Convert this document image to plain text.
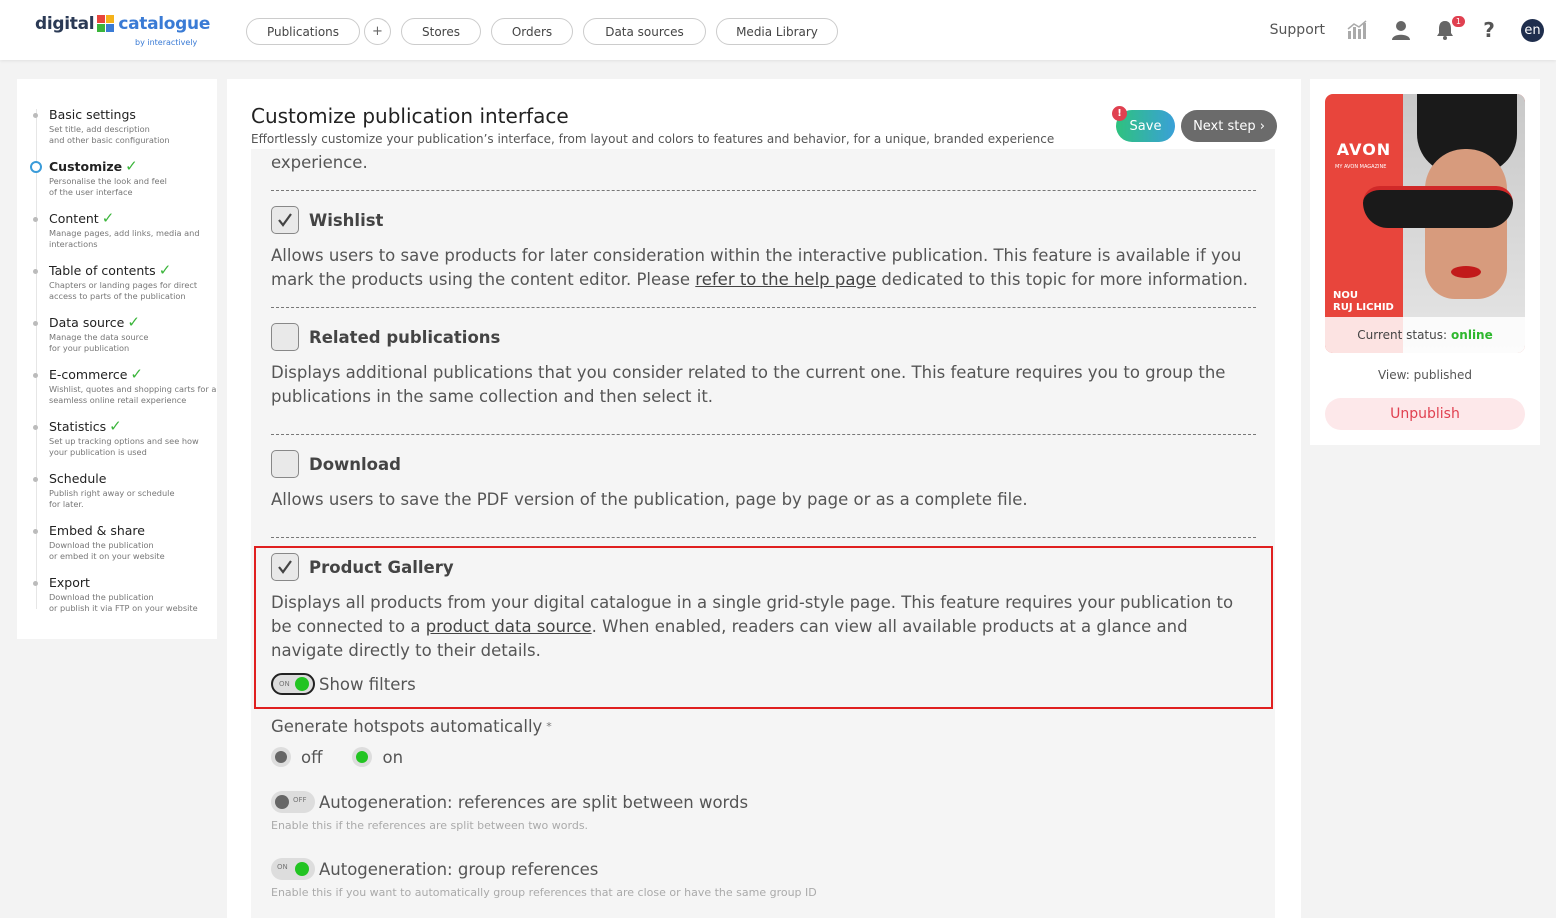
digital catalogue
by interactively
Publications	+	Stores	Orders	Data sources	Media Library	Support
1	?	en
Basic settings
Set title, add description
and other basic configuration
Customize ✓
Personalise the look and feel
of the user interface
Content ✓
Manage pages, add links, media and
interactions
Table of contents ✓
Chapters or landing pages for direct
access to parts of the publication
Data source ✓
Manage the data source
for your publication
E-commerce ✓
Wishlist, quotes and shopping carts for a
seamless online retail experience
Statistics ✓
Set up tracking options and see how
your publication is used
Schedule
Publish right away or schedule
for later.
Embed & share
Download the publication
or embed it on your website
Export
Download the publication
or publish it via FTP on your website
Customize publication interface
Effortlessly customize your publication’s interface, from layout and colors to features and behavior, for a unique, branded experience
Save
!
Next step ›
experience.
Wishlist
Allows users to save products for later consideration within the interactive publication. This feature is available if you mark the products using the content editor. Please refer to the help page dedicated to this topic for more information.
Related publications
Displays additional publications that you consider related to the current one. This feature requires you to group the publications in the same collection and then select it.
Download
Allows users to save the PDF version of the publication, page by page or as a complete file.
Product Gallery
Displays all products from your digital catalogue in a single grid-style page. This feature requires your publication to be connected to a product data source. When enabled, readers can view all available products at a glance and navigate directly to their details.
ON Show filters
Generate hotspots automatically *
off	on
OFF Autogeneration: references are split between words
Enable this if the references are split between two words.
ON Autogeneration: group references
Enable this if you want to automatically group references that are close or have the same group ID
AVON
MY AVON MAGAZINE
NOU
RUJ LICHID
Current status: online
View: published
Unpublish
